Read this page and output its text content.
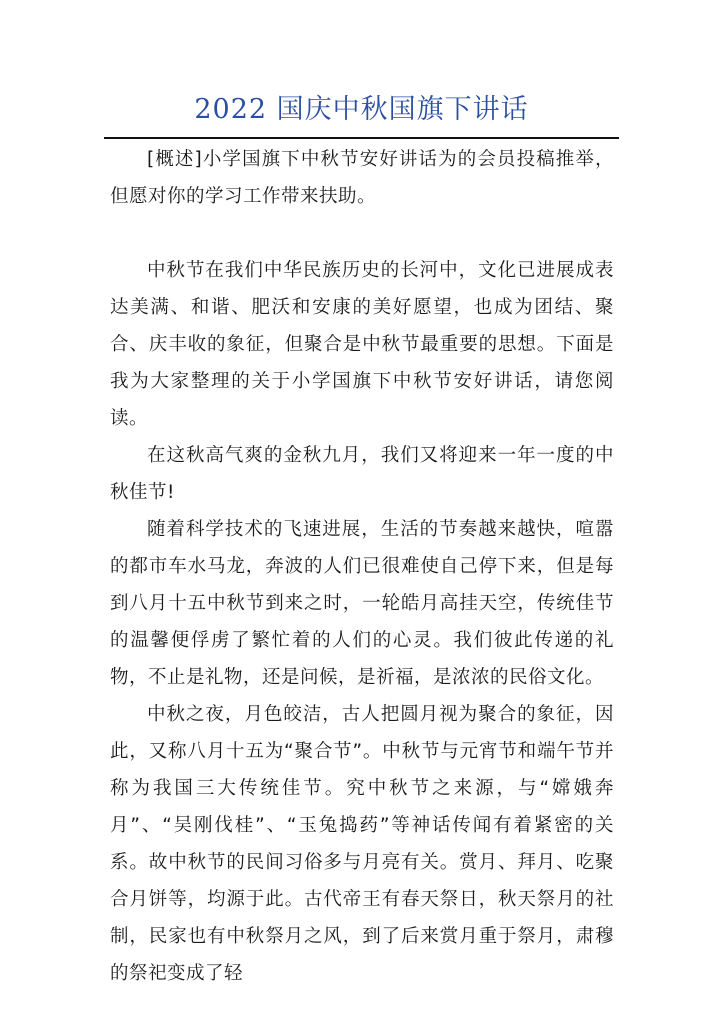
2022 国庆中秋国旗下讲话

[概述]小学国旗下中秋节安好讲话为的会员投稿推举，但愿对你的学习工作带来扶助。

中秋节在我们中华民族历史的长河中，文化已进展成表达美满、和谐、肥沃和安康的美好愿望，也成为团结、聚合、庆丰收的象征，但聚合是中秋节最重要的思想。下面是我为大家整理的关于小学国旗下中秋节安好讲话，请您阅读。

在这秋高气爽的金秋九月，我们又将迎来一年一度的中秋佳节!

随着科学技术的飞速进展，生活的节奏越来越快，喧嚣的都市车水马龙，奔波的人们已很难使自己停下来，但是每到八月十五中秋节到来之时，一轮皓月高挂天空，传统佳节的温馨便俘虏了繁忙着的人们的心灵。我们彼此传递的礼物，不止是礼物，还是问候，是祈福，是浓浓的民俗文化。

中秋之夜，月色皎洁，古人把圆月视为聚合的象征，因此，又称八月十五为“聚合节”。中秋节与元宵节和端午节并称为我国三大传统佳节。究中秋节之来源，与“嫦娥奔月”、“吴刚伐桂”、“玉兔捣药”等神话传闻有着紧密的关系。故中秋节的民间习俗多与月亮有关。赏月、拜月、吃聚合月饼等，均源于此。古代帝王有春天祭日，秋天祭月的社制，民家也有中秋祭月之风，到了后来赏月重于祭月，肃穆的祭祀变成了轻
